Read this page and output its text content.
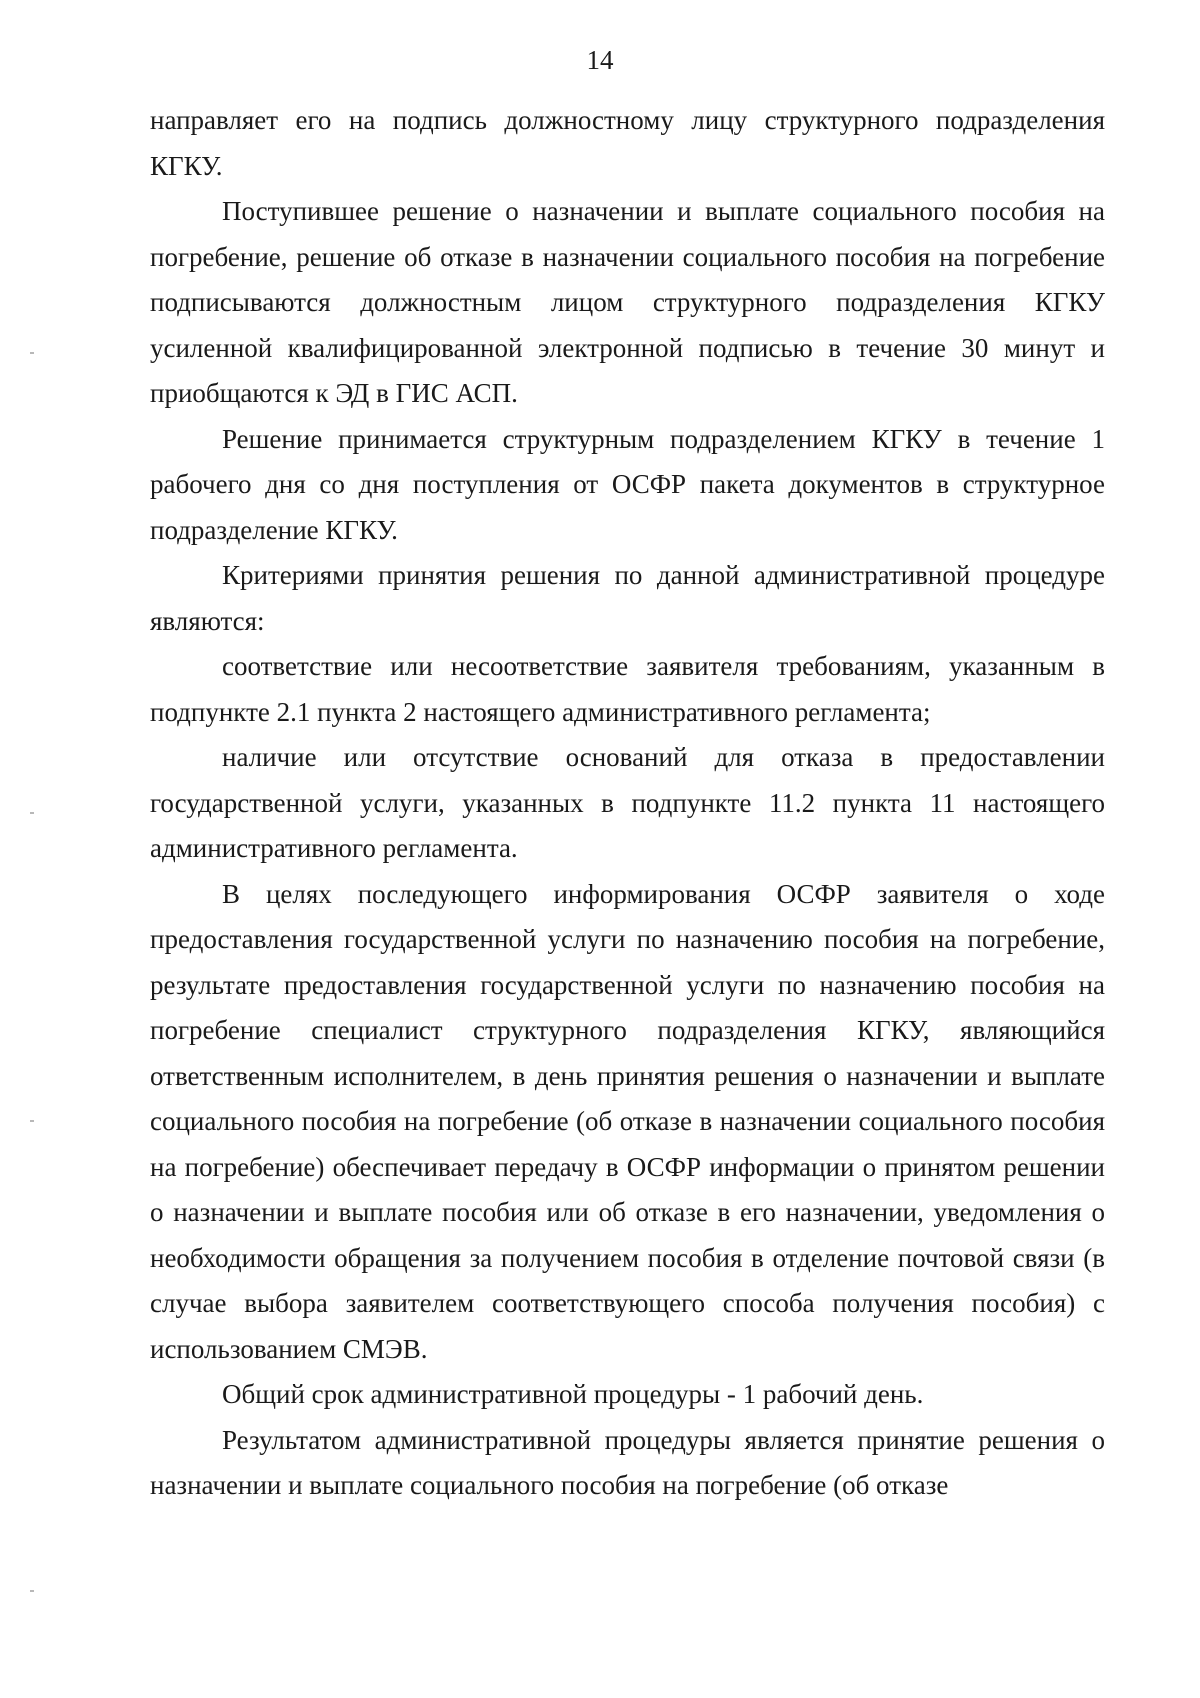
14

направляет его на подпись должностному лицу структурного подразделения КГКУ.

Поступившее решение о назначении и выплате социального пособия на погребение, решение об отказе в назначении социального пособия на погребение подписываются должностным лицом структурного подразделения КГКУ усиленной квалифицированной электронной подписью в течение 30 минут и приобщаются к ЭД в ГИС АСП.

Решение принимается структурным подразделением КГКУ в течение 1 рабочего дня со дня поступления от ОСФР пакета документов в структурное подразделение КГКУ.

Критериями принятия решения по данной административной процедуре являются:

соответствие или несоответствие заявителя требованиям, указанным в подпункте 2.1 пункта 2 настоящего административного регламента;

наличие или отсутствие оснований для отказа в предоставлении государственной услуги, указанных в подпункте 11.2 пункта 11 настоящего административного регламента.

В целях последующего информирования ОСФР заявителя о ходе предоставления государственной услуги по назначению пособия на погребение, результате предоставления государственной услуги по назначению пособия на погребение специалист структурного подразделения КГКУ, являющийся ответственным исполнителем, в день принятия решения о назначении и выплате социального пособия на погребение (об отказе в назначении социального пособия на погребение) обеспечивает передачу в ОСФР информации о принятом решении о назначении и выплате пособия или об отказе в его назначении, уведомления о необходимости обращения за получением пособия в отделение почтовой связи (в случае выбора заявителем соответствующего способа получения пособия) с использованием СМЭВ.

Общий срок административной процедуры - 1 рабочий день.

Результатом административной процедуры является принятие решения о назначении и выплате социального пособия на погребение (об отказе
